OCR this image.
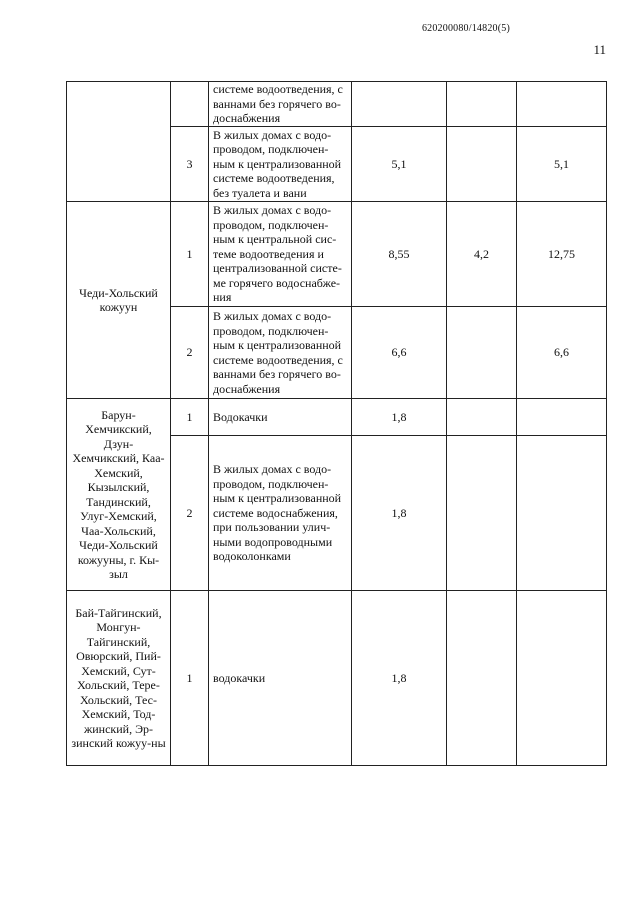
620200080/14820(5)
11
		системе водоотведения, с ваннами без горячего во-доснабжения			
	3	В жилых домах с водо-проводом, подключен-ным к централизованной системе водоотведения, без туалета и вани	5,1		5,1
Чеди-Хольский кожуун	1	В жилых домах с водо-проводом, подключен-ным к центральной сис-теме водоотведения и централизованной систе-ме горячего водоснабже-ния	8,55	4,2	12,75
	2	В жилых домах с водо-проводом, подключен-ным к централизованной системе водоотведения, с ваннами без горячего во-доснабжения	6,6		6,6
Барун-Хемчикский, Дзун-Хемчикский, Каа-Хемский, Кызылский, Тандинский, Улуг-Хемский, Чаа-Хольский, Чеди-Хольский кожууны, г. Кы-зыл	1	Водокачки	1,8		
	2	В жилых домах с водо-проводом, подключен-ным к централизованной системе водоснабжения, при пользовании улич-ными водопроводными водоколонками	1,8		
Бай-Тайгинский, Монгун-Тайгинский, Овюрский, Пий-Хемский, Сут-Хольский, Тере-Хольский, Тес-Хемский, Тод-жинский, Эр-зинский кожуу-ны	1	водокачки	1,8		
